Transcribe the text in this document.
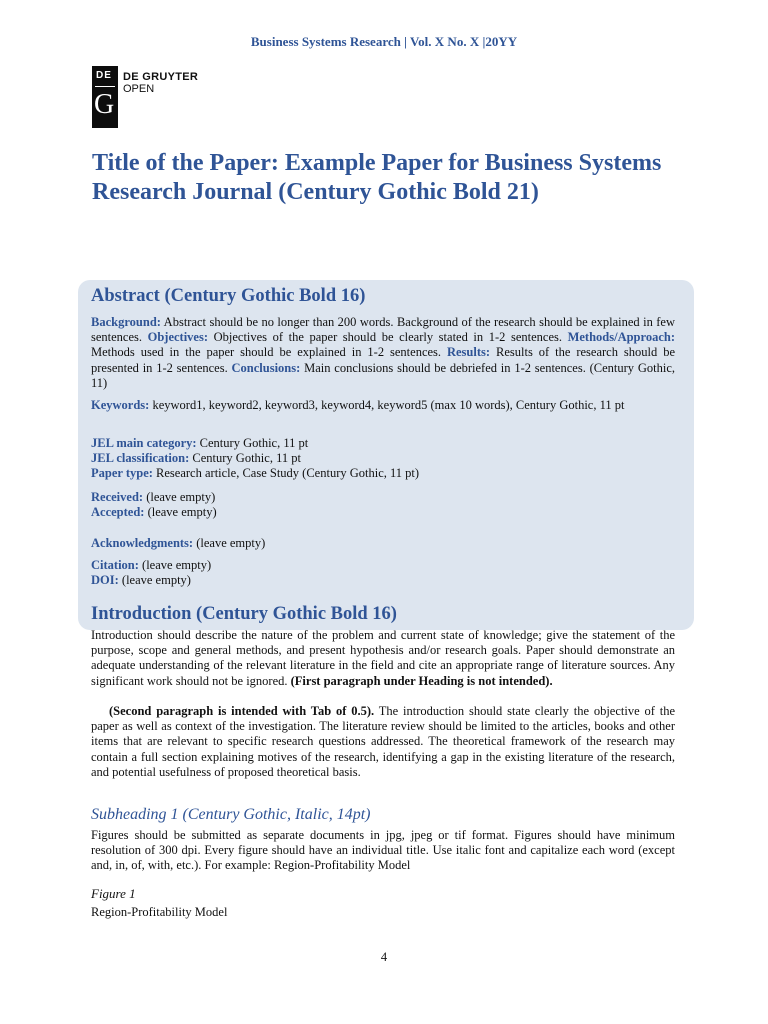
Business Systems Research | Vol. X No. X |20YY
DE
G
DE GRUYTER
OPEN
Title of the Paper: Example Paper for Business Systems Research Journal (Century Gothic Bold 21)
Abstract (Century Gothic Bold 16)
Background: Abstract should be no longer than 200 words. Background of the research should be explained in few sentences. Objectives: Objectives of the paper should be clearly stated in 1-2 sentences. Methods/Approach: Methods used in the paper should be explained in 1-2 sentences. Results: Results of the research should be presented in 1-2 sentences. Conclusions: Main conclusions should be debriefed in 1-2 sentences. (Century Gothic, 11)
Keywords: keyword1, keyword2, keyword3, keyword4, keyword5 (max 10 words), Century Gothic, 11 pt
JEL main category: Century Gothic, 11 pt
JEL classification: Century Gothic, 11 pt
Paper type: Research article, Case Study (Century Gothic, 11 pt)
Received: (leave empty)
Accepted: (leave empty)
Acknowledgments: (leave empty)
Citation: (leave empty)
DOI: (leave empty)
Introduction (Century Gothic Bold 16)
Introduction should describe the nature of the problem and current state of knowledge; give the statement of the purpose, scope and general methods, and present hypothesis and/or research goals. Paper should demonstrate an adequate understanding of the relevant literature in the field and cite an appropriate range of literature sources. Any significant work should not be ignored. (First paragraph under Heading is not intended).
(Second paragraph is intended with Tab of 0.5). The introduction should state clearly the objective of the paper as well as context of the investigation. The literature review should be limited to the articles, books and other items that are relevant to specific research questions addressed. The theoretical framework of the research may contain a full section explaining motives of the research, identifying a gap in the existing literature of the research, and potential usefulness of proposed theoretical basis.
Subheading 1 (Century Gothic, Italic, 14pt)
Figures should be submitted as separate documents in jpg, jpeg or tif format. Figures should have minimum resolution of 300 dpi. Every figure should have an individual title. Use italic font and capitalize each word (except and, in, of, with, etc.). For example: Region-Profitability Model
Figure 1
Region-Profitability Model
4
